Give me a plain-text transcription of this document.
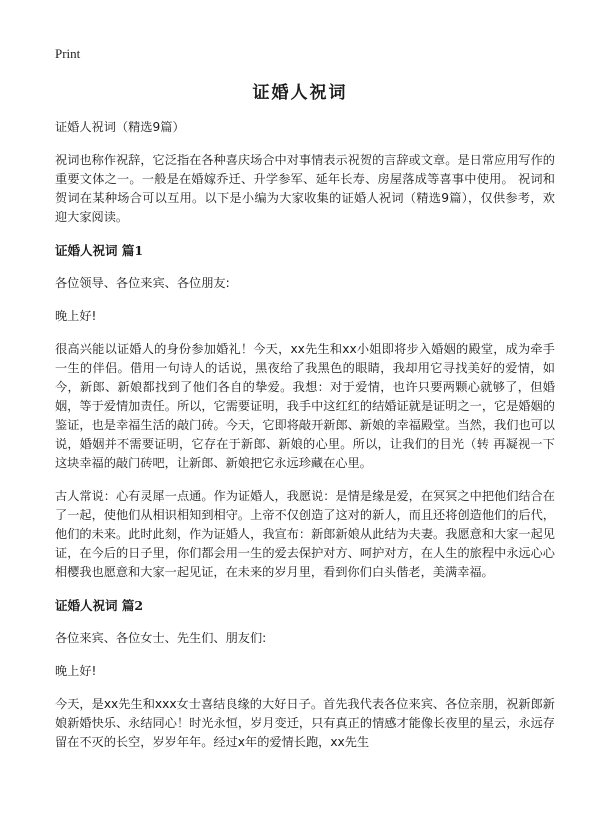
Print
证婚人祝词

证婚人祝词（精选9篇）

祝词也称作祝辞，它泛指在各种喜庆场合中对事情表示祝贺的言辞或文章。是日常应用写作的重要文体之一。一般是在婚嫁乔迁、升学参军、延年长寿、房屋落成等喜事中使用。 祝词和贺词在某种场合可以互用。以下是小编为大家收集的证婚人祝词（精选9篇），仅供参考，欢迎大家阅读。

证婚人祝词 篇1

各位领导、各位来宾、各位朋友:

晚上好!

很高兴能以证婚人的身份参加婚礼！今天，xx先生和xx小姐即将步入婚姻的殿堂，成为牵手一生的伴侣。借用一句诗人的话说，黑夜给了我黑色的眼睛，我却用它寻找美好的爱情，如今，新郎、新娘都找到了他们各自的挚爱。我想：对于爱情，也许只要两颗心就够了，但婚姻，等于爱情加责任。所以，它需要证明，我手中这红红的结婚证就是证明之一，它是婚姻的鉴证，也是幸福生活的敲门砖。今天，它即将敲开新郎、新娘的幸福殿堂。当然，我们也可以说，婚姻并不需要证明，它存在于新郎、新娘的心里。所以，让我们的目光（转 再凝视一下这块幸福的敲门砖吧，让新郎、新娘把它永远珍藏在心里。

古人常说：心有灵犀一点通。作为证婚人，我愿说：是情是缘是爱，在冥冥之中把他们结合在了一起，使他们从相识相知到相守。上帝不仅创造了这对的新人，而且还将创造他们的后代，他们的未来。此时此刻，作为证婚人，我宣布：新郎新娘从此结为夫妻。我愿意和大家一起见证，在今后的日子里，你们都会用一生的爱去保护对方、呵护对方，在人生的旅程中永远心心相樱我也愿意和大家一起见证，在未来的岁月里，看到你们白头偕老，美满幸福。

证婚人祝词 篇2

各位来宾、各位女士、先生们、朋友们:

晚上好!

今天，是xx先生和xxx女士喜结良缘的大好日子。首先我代表各位来宾、各位亲朋，祝新郎新娘新婚快乐、永结同心！时光永恒，岁月变迁，只有真正的情感才能像长夜里的星云，永远存留在不灭的长空，岁岁年年。经过x年的爱情长跑，xx先生
